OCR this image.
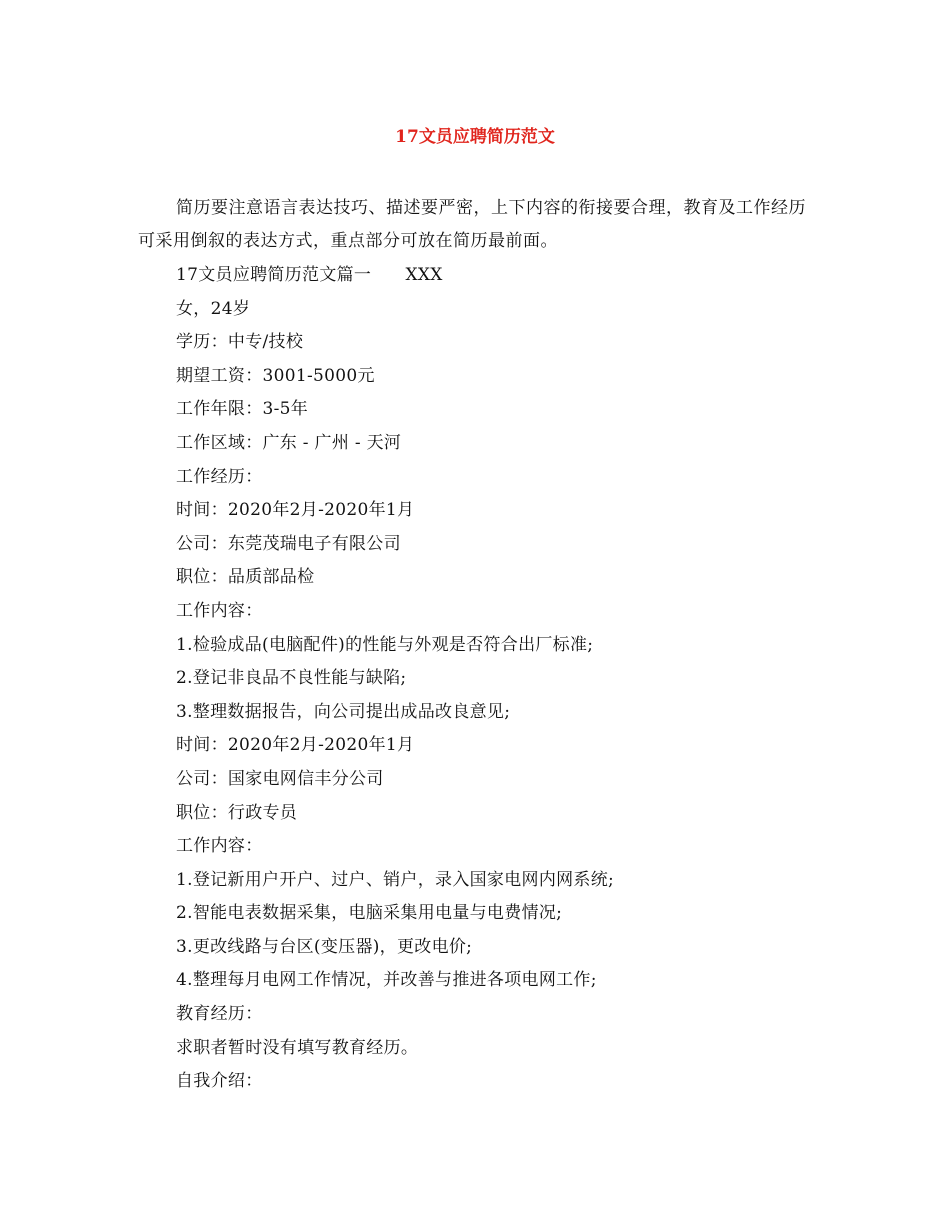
17文员应聘简历范文
简历要注意语言表达技巧、描述要严密，上下内容的衔接要合理，教育及工作经历可采用倒叙的表达方式，重点部分可放在简历最前面。
17文员应聘简历范文篇一      XXX
女，24岁
学历：中专/技校
期望工资：3001-5000元
工作年限：3-5年
工作区域：广东 - 广州 - 天河
工作经历：
时间：2020年2月-2020年1月
公司：东莞茂瑞电子有限公司
职位：品质部品检
工作内容：
1.检验成品(电脑配件)的性能与外观是否符合出厂标准;
2.登记非良品不良性能与缺陷;
3.整理数据报告，向公司提出成品改良意见;
时间：2020年2月-2020年1月
公司：国家电网信丰分公司
职位：行政专员
工作内容：
1.登记新用户开户、过户、销户，录入国家电网内网系统;
2.智能电表数据采集，电脑采集用电量与电费情况;
3.更改线路与台区(变压器)，更改电价;
4.整理每月电网工作情况，并改善与推进各项电网工作;
教育经历：
求职者暂时没有填写教育经历。
自我介绍：
